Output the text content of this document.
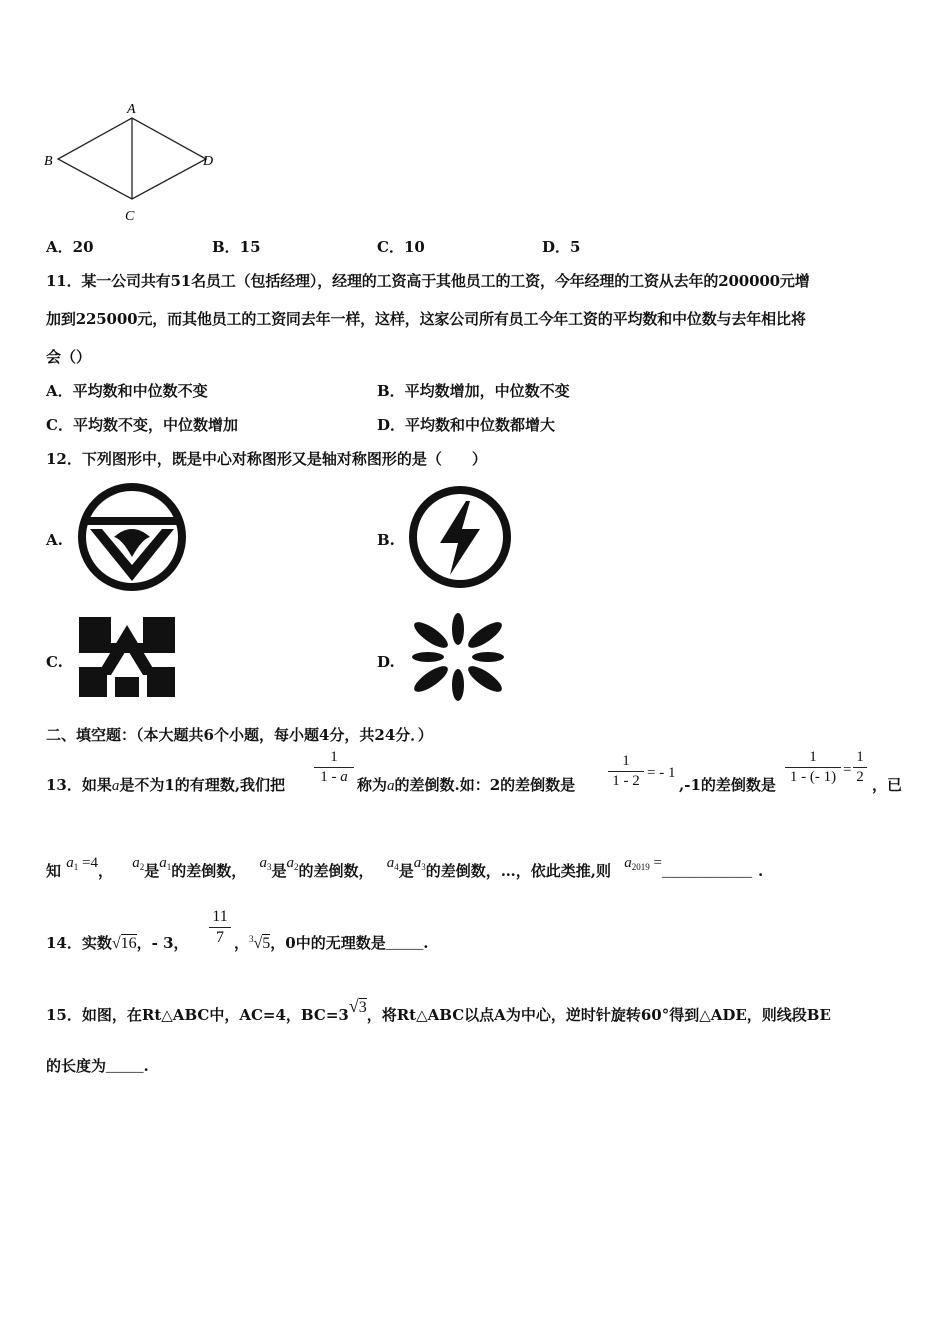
A
B
C
D
A．20	B．15	C．10	D．5
11．某一公司共有51名员工（包括经理），经理的工资高于其他员工的工资，今年经理的工资从去年的200000元增
加到225000元，而其他员工的工资同去年一样，这样，这家公司所有员工今年工资的平均数和中位数与去年相比将
会（）
A．平均数和中位数不变	B．平均数增加，中位数不变
C．平均数不变，中位数增加	D．平均数和中位数都增大
12．下列图形中，既是中心对称图形又是轴对称图形的是（　　）
A.	B.
C.	D.
二、填空题：（本大题共6个小题，每小题4分，共24分．）
13．如果a是不为1的有理数,我们把
1
1 - a 称为a的差倒数.如：2的差倒数是
1
1 - 2 = - 1
,-1的差倒数是
1
1 - (- 1) =
1
2 ，已
知 $a^1 =4$， $a^2$是$a^1$的差倒数， $a^3$是$a^2$的差倒数， $a^4$是$a^3$的差倒数，…，依此类推,则 $a^{2019}$ =____________ .
14．实数√16，- 3，
11
7 ，$^3$√5，0中的无理数是_____.
15．如图，在Rt△ABC中，AC=4，BC=3√3，将Rt△ABC以点A为中心，逆时针旋转60°得到△ADE，则线段BE
的长度为_____.
